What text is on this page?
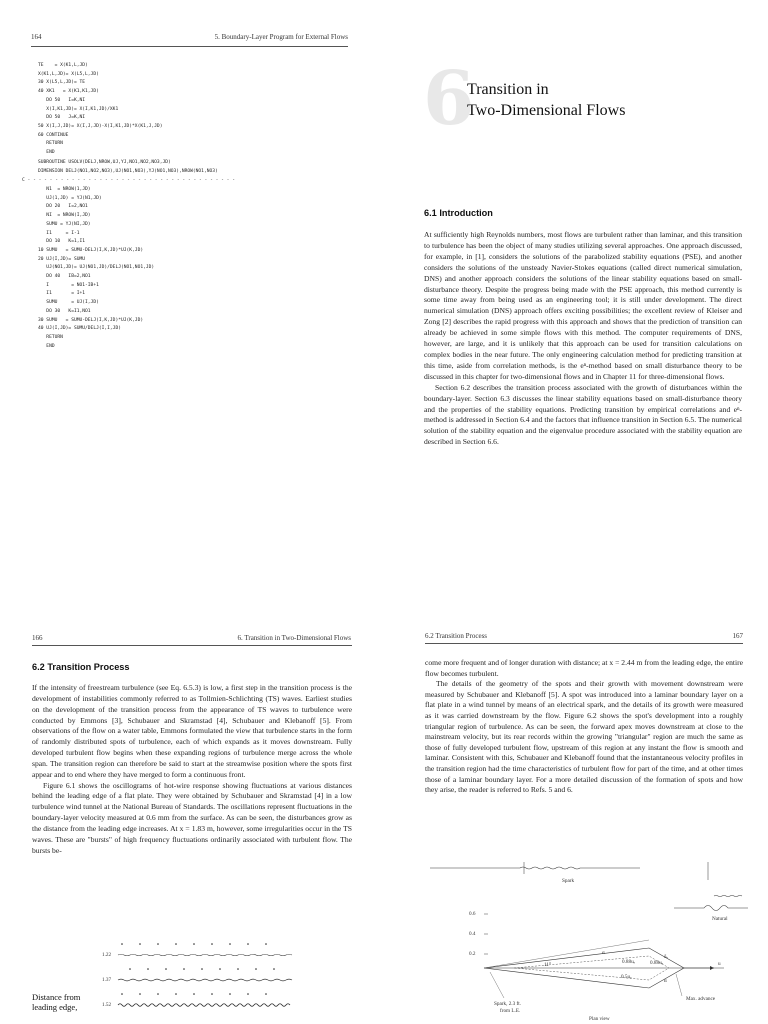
164	5. Boundary-Layer Program for External Flows
TE    = X(K1,L,JD)
X(K1,L,JD)= X(L5,L,JD)
30 X(L5,L,JD)= TE
40 XK1   = X(K1,K1,JD)
DO 50   I=K,NI
X(I,K1,JD)= X(I,K1,JD)/XK1
DO 50   J=K,NI
50 X(I,J,JD)= X(I,J,JD)-X(I,K1,JD)*X(K1,J,JD)
60 CONTINUE
RETURN
END
SUBROUTINE USOLV(DELJ,NROW,UJ,YJ,NO1,NO2,NO3,JD)
DIMENSION DELJ(NO1,NO2,NO3),UJ(NO1,NO3),YJ(NO1,NO3),NROW(NO1,NO3)
C - - - - - - - - - - - - - - - - - - - - - - - - - - - - - - - - - - - - - -
N1  = NROW(1,JD)
UJ(1,JD) = YJ(N1,JD)
DO 20   I=2,NO1
NI  = NROW(I,JD)
SUMU = YJ(NI,JD)
I1     = I-1
DO 10   K=1,I1
10 SUMU   = SUMU-DELJ(I,K,JD)*UJ(K,JD)
20 UJ(I,JD)= SUMU
UJ(NO1,JD)= UJ(NO1,JD)/DELJ(NO1,NO1,JD)
DO 40   IB=2,NO1
I        = NO1-IB+1
I1       = I+1
SUMU     = UJ(I,JD)
DO 30   K=I1,NO1
30 SUMU   = SUMU-DELJ(I,K,JD)*UJ(K,JD)
40 UJ(I,JD)= SUMU/DELJ(I,I,JD)
RETURN
END
6
Transition in
Two-Dimensional Flows
6.1 Introduction

At sufficiently high Reynolds numbers, most flows are turbulent rather than laminar, and this transition to turbulence has been the object of many studies utilizing several approaches. One approach discussed, for example, in [1], considers the solutions of the parabolized stability equations (PSE), and another considers the solutions of the unsteady Navier-Stokes equations (called direct numerical simulation, DNS) and another approach considers the solutions of the linear stability equations based on small-disturbance theory. Despite the progress being made with the PSE approach, this method currently is some time away from being used as an engineering tool; it is still under development. The direct numerical simulation (DNS) approach offers exciting possibilities; the excellent review of Kleiser and Zong [2] describes the rapid progress with this approach and shows that the prediction of transition can already be achieved in some simple flows with this method. The computer requirements of DNS, however, are large, and it is unlikely that this approach can be used for transition calculations on complex bodies in the near future. The only engineering calculation method for predicting transition at this time, aside from correlation methods, is the eⁿ-method based on small disturbance theory to be discussed in this chapter for two-dimensional flows and in Chapter 11 for three-dimensional flows.

Section 6.2 describes the transition process associated with the growth of disturbances within the boundary-layer. Section 6.3 discusses the linear stability equations based on small-disturbance theory and the properties of the stability equations. Predicting transition by empirical correlations and eⁿ-method is addressed in Section 6.4 and the factors that influence transition in Section 6.5. The numerical solution of the stability equation and the eigenvalue procedure associated with the stability equation are described in Section 6.6.

166	6. Transition in Two-Dimensional Flows
6.2 Transition Process

If the intensity of freestream turbulence (see Eq. 6.5.3) is low, a first step in the transition process is the development of instabilities commonly referred to as Tollmien-Schlichting (TS) waves. Earliest studies on the development of the transition process from the appearance of TS waves to turbulence were conducted by Emmons [3], Schubauer and Skramstad [4], Schubauer and Klebanoff [5]. From observations of the flow on a water table, Emmons formulated the view that turbulence starts in the form of randomly distributed spots of turbulence, each of which expands as it moves downstream. Fully developed turbulent flow begins when these expanding regions of turbulence merge across the whole span. The transition region can therefore be said to start at the streamwise position where the spots first appear and to end where they have merged to form a continuous front.

Figure 6.1 shows the oscillograms of hot-wire response showing fluctuations at various distances behind the leading edge of a flat plate. They were obtained by Schubauer and Skramstad [4] in a low turbulence wind tunnel at the National Bureau of Standards. The oscillations represent fluctuations in the boundary-layer velocity measured at 0.6 mm from the surface. As can be seen, the disturbances grow as the distance from the leading edge increases. At x = 1.83 m, however, some irregularities occur in the TS waves. These are "bursts" of high frequency fluctuations ordinarily associated with turbulent flow. The bursts be-

1.22
1.37
1.52
Distance from leading edge,
6.2 Transition Process	167

come more frequent and of longer duration with distance; at x = 2.44 m from the leading edge, the entire flow becomes turbulent.

The details of the geometry of the spots and their growth with movement downstream were measured by Schubauer and Klebanoff [5]. A spot was introduced into a laminar boundary layer on a flat plate in a wind tunnel by means of an electrical spark, and the details of its growth were measured as it was carried downstream by the flow. Figure 6.2 shows the spot's development into a roughly triangular region of turbulence. As can be seen, the forward apex moves downstream at close to the mainstream velocity, but its rear records within the growing "triangular" region are much the same as those of fully developed turbulent flow, upstream of this region at any instant the flow is smooth and laminar. Consistent with this, Schubauer and Klebanoff found that the instantaneous velocity profiles in the transition region had the time characteristics of turbulent flow for part of the time, and at other times those of a laminar boundary layer. For a more detailed discussion of the formation of spots and how they arise, the reader is referred to Refs. 5 and 6.

Spark
Natural
0.6
0.4
0.2
11°
α
0.88uₑ	0.88uₑ
0.5uₑ
δₑ
α
u
Max. advance
Spark, 2.3 ft.
from L.E.
Plan view
